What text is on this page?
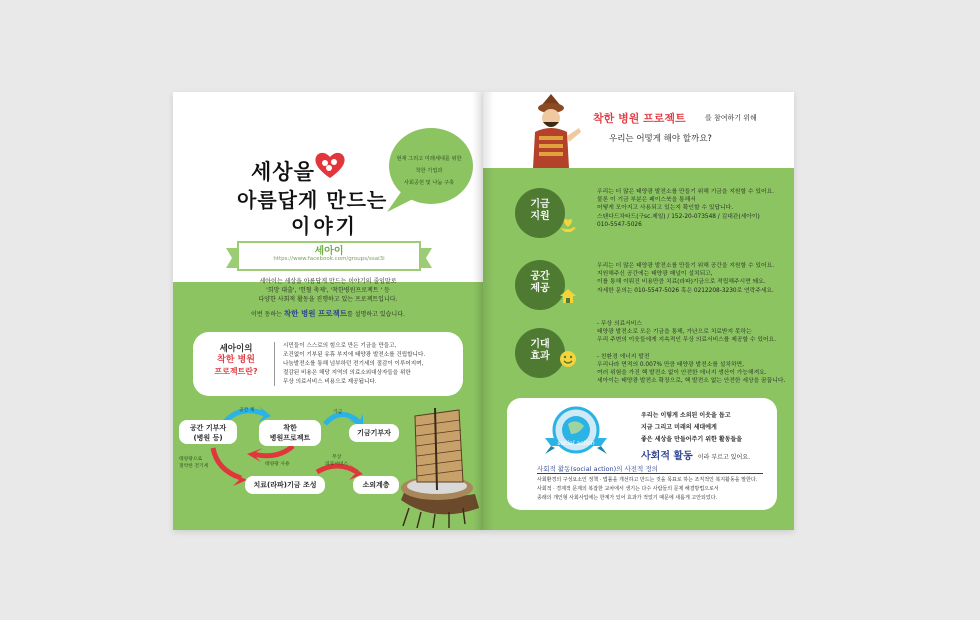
세상을
아름답게 만드는
이야기
현재 그리고 미래세대를 위한
착한 기업과
사회공헌 및 나눔 구축
세아이
https://www.facebook.com/groups/ssai3i
세아이는 세상을 아름답게 만드는 이야기의 줄임말로
'희망 대출', '헌혈 축제', '착한병원프로젝트 ' 등
다양한 사회적 활동을 진행하고 있는 프로젝트입니다.
이번 동하는 착한 병원 프로젝트를 설명하고 있습니다.
세아이의
착한 병원
프로젝트란?
시민들이 스스로의 힘으로 만든 기금을 만들고,
조건없이 기부된 유휴 부지에 태양광 발전소를 건립합니다.
나눔발전소를 통해 넘부하던 전기세의 절감이 이루어지며,
절감된 비용은 해당 지역의 의료소외대상자들을 위한
무상 의료서비스 비용으로 제공됩니다.
공간 기부자
(병원 등)
착한
병원프로젝트
기금기부자
치료(라파)기금 조성	소외계층
공간 제	기금
태양광 사용
태양광으로
절약한 전기세
무상
의료서비스
착한 병원 프로젝트	를 참여하기 위해
우리는 어떻게 해야 할까요?
기금
지원
우리는 더 많은 태양광 발전소를 만들기 위해 기금을 지원할 수 있어요.
물론 이 기금 부분은 페이스북을 통해서
어떻게 모아지고 사용되고 있는지 확인할 수 있답니다.
스탠다드차타드(구sc.제일) / 152-20-073548 / 김대관(세아이)
010-5547-5026
공간
제공
우리는 더 많은 태양광 발전소를 만들기 위해 공간을 지원할 수 있어요.
지원해주신 공간에는 태양광 패널이 설치되고,
이를 통해 이뤄진 비용만큼 치료(라파)기금으로 적립해주시면 돼요.
자세한 문의는 010-5547-5026 혹은 0212208-3230로 연락주세요.
기대
효과
- 무상 의료서비스
태양광 발전소로 모은 기금을 통해, 가난으로 치료받지 못하는
우리 주변의 이웃들에게 지속적인 무상 의료서비스를 제공할 수 있어요.

- 친환경 에너지 발전
우리나라 면적의 0.007% 만큼 태양광 발전소를 설치하면,
여러 위험을 가진 핵 발전소 없이 안전한 에너지 생산이 가능해져요.
세아이는 태양광 발전소 확장으로, 핵 발전소 없는 안전한 세상을 꿈꿉니다.
social action
우리는 이렇게 소외된 이웃을 돕고
지금 그리고 미래의 세대에게
좋은 세상을 만들어주기 위한 활동들을
사회적 활동 이라 부르고 있어요.
사회적 활동(social action)의 사전적 정의
사회환경의 구성요소인 정책 · 법률을 개선하고 만드는 것을 목표로 하는 조직적인 복지활동을 말한다.
사회적 · 경제적 문제의 복잡한 교차에서 생기는 다수 사람들의 문제 해결방법으로서
종래의 개인형 사회사업에는 한계가 있어 효과가 적었기 때문에 새롭게 고안되었다.
